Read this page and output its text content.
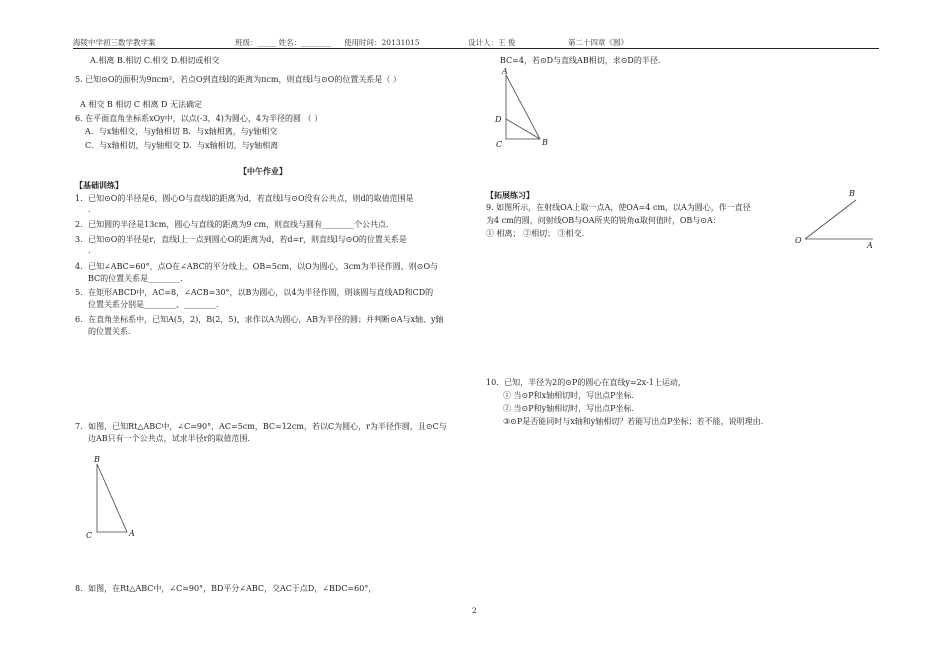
海陵中学初三数学教学案	班级：_____ 姓名：________ 使用时间：20131015	设计人：王 俊	第二十四章《圆》
A.相离 B.相切 C.相交 D.相切或相交
5. 已知⊙O的面积为9πcm²，若点O到直线l的距离为πcm，则直线l与⊙O的位置关系是（ ）
A 相交 B 相切 C 相离 D 无法确定
6. 在平面直角坐标系xOy中，以点(-3，4)为圆心，4为半径的圆 （ ）
A．与x轴相交，与y轴相切 B．与x轴相离，与y轴相交
C．与x轴相切，与y轴相交 D．与x轴相切，与y轴相离
【中午作业】
【基础训练】
1．已知⊙O的半径是6，圆心O与直线l的距离为d，若直线l与⊙O没有公共点，则d的取值范围是
.
2．已知圆的半径是13cm，圆心与直线的距离为9 cm，则直线与圆有________个公共点.
3．已知⊙O的半径是r，直线l上一点到圆心O的距离为d，若d=r，则直线l与⊙O的位置关系是
.
4．已知∠ABC=60°，点O在∠ABC的平分线上，OB=5cm，以O为圆心，3cm为半径作圆，则⊙O与
BC的位置关系是________.
5．在矩形ABCD中，AC=8，∠ACB=30°，以B为圆心，以4为半径作圆，则该圆与直线AD和CD的
位置关系分别是________、________.
6．在直角坐标系中，已知A(5，2)，B(2，5)，求作以A为圆心，AB为半径的圆；并判断⊙A与x轴、y轴
的位置关系．
7．如图，已知Rt△ABC中，∠C=90°，AC=5cm，BC=12cm，若以C为圆心，r为半径作圆，且⊙C与
边AB只有一个公共点，试求半径r的取值范围．
B
C	A
8．如图，在Rt△ABC中，∠C=90°，BD平分∠ABC，交AC于点D，∠BDC=60°，
BC=4，若⊙D与直线AB相切，求⊙D的半径．
A
D
C	B
【拓展练习】
9. 如图所示，在射线OA上取一点A，使OA=4 cm，以A为圆心，作一直径
为4 cm的圆，问射线OB与OA所夹的锐角α取何值时，OB与⊙A：
① 相离； ②相切； ③相交．
B
O
A
10．已知，半径为2的⊙P的圆心在直线y=2x-1上运动，
① 当⊙P和x轴相切时，写出点P坐标．
② 当⊙P和y轴相切时，写出点P坐标．
③⊙P是否能同时与x轴和y轴相切？若能写出点P坐标；若不能，说明理由．
2
